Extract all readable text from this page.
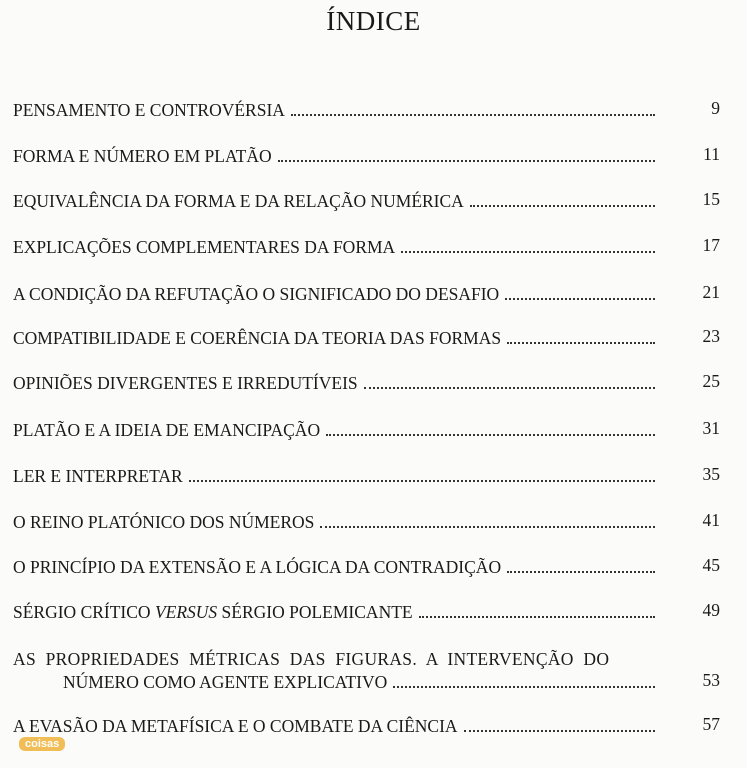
ÍNDICE
PENSAMENTO E CONTROVÉRSIA	9
FORMA E NÚMERO EM PLATÃO	11
EQUIVALÊNCIA DA FORMA E DA RELAÇÃO NUMÉRICA	15
EXPLICAÇÕES COMPLEMENTARES DA FORMA	17
A CONDIÇÃO DA REFUTAÇÃO O SIGNIFICADO DO DESAFIO	21
COMPATIBILIDADE E COERÊNCIA DA TEORIA DAS FORMAS	23
OPINIÕES DIVERGENTES E IRREDUTÍVEIS	25
PLATÃO E A IDEIA DE EMANCIPAÇÃO	31
LER E INTERPRETAR	35
O REINO PLATÓNICO DOS NÚMEROS	41
O PRINCÍPIO DA EXTENSÃO E A LÓGICA DA CONTRADIÇÃO	45
SÉRGIO CRÍTICO VERSUS SÉRGIO POLEMICANTE	49
AS PROPRIEDADES MÉTRICAS DAS FIGURAS. A INTERVENÇÃO DO
NÚMERO COMO AGENTE EXPLICATIVO	53
A EVASÃO DA METAFÍSICA E O COMBATE DA CIÊNCIA	57
coisas
